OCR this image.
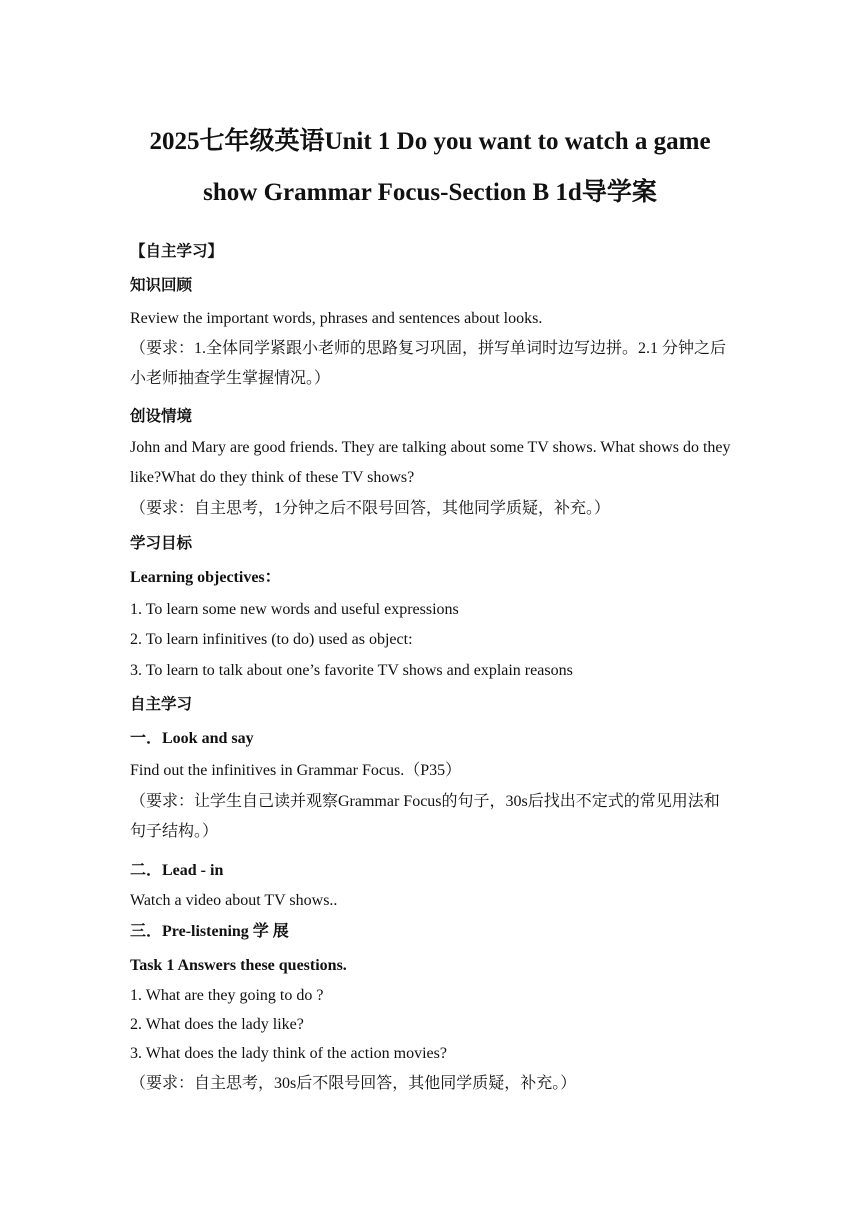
2025七年级英语Unit 1 Do you want to watch a game
show Grammar Focus-Section B 1d导学案
【自主学习】
知识回顾
Review the important words, phrases and sentences about looks.
（要求：1.全体同学紧跟小老师的思路复习巩固，拼写单词时边写边拼。2.1 分钟之后小老师抽查学生掌握情况。）
创设情境
John and Mary are good friends. They are talking about some TV shows. What shows do they like?What do they think of these TV shows?
（要求：自主思考，1分钟之后不限号回答，其他同学质疑，补充。）
学习目标
Learning objectives：
1. To learn some new words and useful expressions
2. To learn infinitives (to do) used as object:
3. To learn to talk about one’s favorite TV shows and explain reasons
自主学习
一．Look and say
Find out the infinitives in Grammar Focus.（P35）
（要求：让学生自己读并观察Grammar Focus的句子，30s后找出不定式的常见用法和句子结构。）
二．Lead - in
Watch a video about TV shows..
三．Pre-listening 学 展
Task 1 Answers these questions.
1. What are they going to do ?
2. What does the lady like?
3. What does the lady think of the action movies?
（要求：自主思考，30s后不限号回答，其他同学质疑，补充。）
